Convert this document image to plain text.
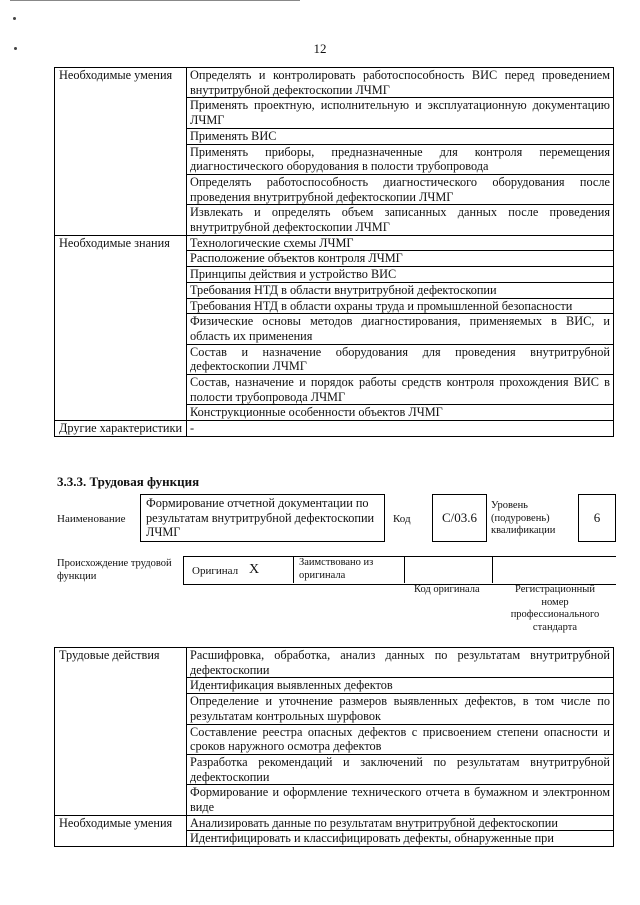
12
Необходимые умения	Определять и контролировать работоспособность ВИС перед проведением внутритрубной дефектоскопии ЛЧМГ
	Применять проектную, исполнительную и эксплуатационную документацию ЛЧМГ
	Применять ВИС
	Применять приборы, предназначенные для контроля перемещения диагностического оборудования в полости трубопровода
	Определять работоспособность диагностического оборудования после проведения внутритрубной дефектоскопии ЛЧМГ
	Извлекать и определять объем записанных данных после проведения внутритрубной дефектоскопии ЛЧМГ
Необходимые знания	Технологические схемы ЛЧМГ
	Расположение объектов контроля ЛЧМГ
	Принципы действия и устройство ВИС
	Требования НТД в области внутритрубной дефектоскопии
	Требования НТД в области охраны труда и промышленной безопасности
	Физические основы методов диагностирования, применяемых в ВИС, и область их применения
	Состав и назначение оборудования для проведения внутритрубной дефектоскопии ЛЧМГ
	Состав, назначение и порядок работы средств контроля прохождения ВИС в полости трубопровода ЛЧМГ
	Конструкционные особенности объектов ЛЧМГ
Другие характеристики	-
3.3.3. Трудовая функция
Наименование
Формирование отчетной документации по результатам внутритрубной дефектоскопии ЛЧМГ
Код	С/03.6
Уровень (подуровень) квалификации
6
Происхождение трудовой функции	Оригинал X	Заимствовано из оригинала
Код оригинала	Регистрационный номер профессионального стандарта
Трудовые действия	Расшифровка, обработка, анализ данных по результатам внутритрубной дефектоскопии
	Идентификация выявленных дефектов
	Определение и уточнение размеров выявленных дефектов, в том числе по результатам контрольных шурфовок
	Составление реестра опасных дефектов с присвоением степени опасности и сроков наружного осмотра дефектов
	Разработка рекомендаций и заключений по результатам внутритрубной дефектоскопии
	Формирование и оформление технического отчета в бумажном и электронном виде
Необходимые умения	Анализировать данные по результатам внутритрубной дефектоскопии
	Идентифицировать и классифицировать дефекты, обнаруженные при
